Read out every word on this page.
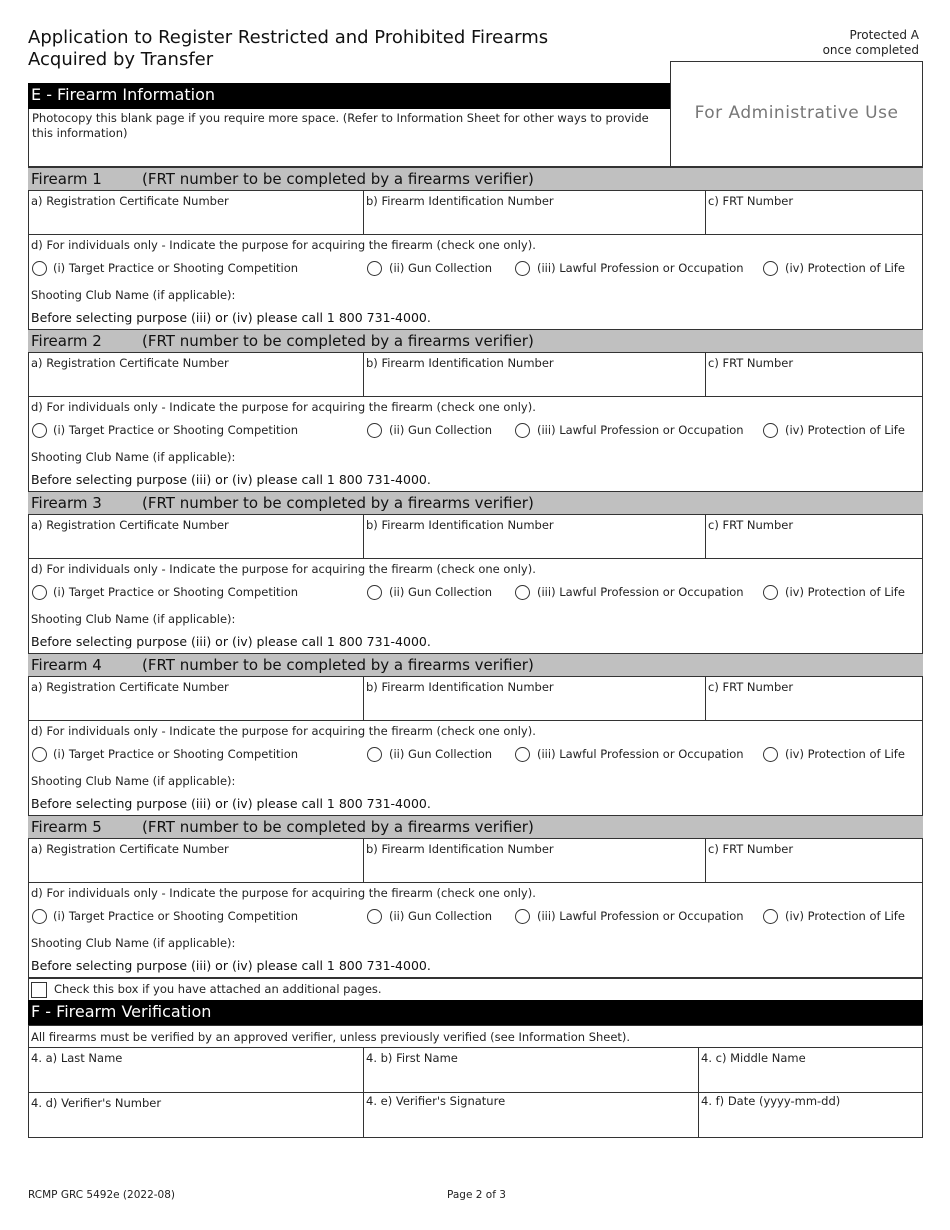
Application to Register Restricted and Prohibited Firearms
Acquired by Transfer
Protected A
once completed
For Administrative Use
E - Firearm Information
Photocopy this blank page if you require more space. (Refer to Information Sheet for other ways to provide
this information)
Firearm 1	(FRT number to be completed by a firearms verifier)
a) Registration Certificate Number	b) Firearm Identification Number	c) FRT Number
d) For individuals only - Indicate the purpose for acquiring the firearm (check one only).
(i) Target Practice or Shooting Competition	(ii) Gun Collection	(iii) Lawful Profession or Occupation	(iv) Protection of Life
Shooting Club Name (if applicable):
Before selecting purpose (iii) or (iv) please call 1 800 731-4000.
Firearm 2	(FRT number to be completed by a firearms verifier)
a) Registration Certificate Number	b) Firearm Identification Number	c) FRT Number
d) For individuals only - Indicate the purpose for acquiring the firearm (check one only).
(i) Target Practice or Shooting Competition	(ii) Gun Collection	(iii) Lawful Profession or Occupation	(iv) Protection of Life
Shooting Club Name (if applicable):
Before selecting purpose (iii) or (iv) please call 1 800 731-4000.
Firearm 3	(FRT number to be completed by a firearms verifier)
a) Registration Certificate Number	b) Firearm Identification Number	c) FRT Number
d) For individuals only - Indicate the purpose for acquiring the firearm (check one only).
(i) Target Practice or Shooting Competition	(ii) Gun Collection	(iii) Lawful Profession or Occupation	(iv) Protection of Life
Shooting Club Name (if applicable):
Before selecting purpose (iii) or (iv) please call 1 800 731-4000.
Firearm 4	(FRT number to be completed by a firearms verifier)
a) Registration Certificate Number	b) Firearm Identification Number	c) FRT Number
d) For individuals only - Indicate the purpose for acquiring the firearm (check one only).
(i) Target Practice or Shooting Competition	(ii) Gun Collection	(iii) Lawful Profession or Occupation	(iv) Protection of Life
Shooting Club Name (if applicable):
Before selecting purpose (iii) or (iv) please call 1 800 731-4000.
Firearm 5	(FRT number to be completed by a firearms verifier)
a) Registration Certificate Number	b) Firearm Identification Number	c) FRT Number
d) For individuals only - Indicate the purpose for acquiring the firearm (check one only).
(i) Target Practice or Shooting Competition	(ii) Gun Collection	(iii) Lawful Profession or Occupation	(iv) Protection of Life
Shooting Club Name (if applicable):
Before selecting purpose (iii) or (iv) please call 1 800 731-4000.
Check this box if you have attached an additional pages.
F - Firearm Verification
All firearms must be verified by an approved verifier, unless previously verified (see Information Sheet).
4. a) Last Name	4. b) First Name	4. c) Middle Name
4. d) Verifier's Number	4. e) Verifier's Signature	4. f) Date (yyyy-mm-dd)
RCMP GRC 5492e (2022-08)	Page 2 of 3
